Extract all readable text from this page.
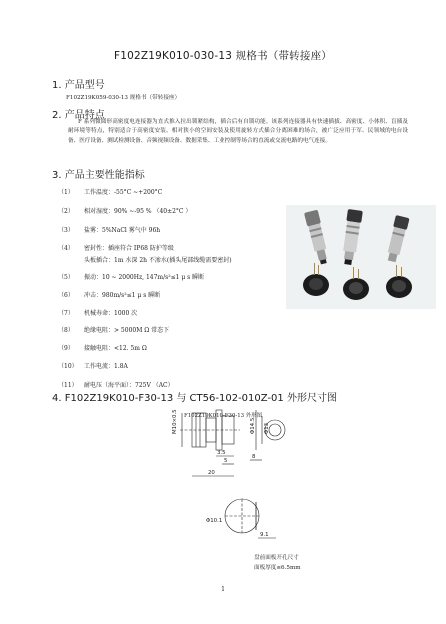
F102Z19K010-030-13 规格书（带转接座）
1. 产品型号
F102Z19K059-030-13 规格书（带转接座）
2. 产品特点
F 系列微圆形高密度电连接器为直式推入拉出锁紧结构，插合后有自锁功能。该系列连接器具有快速插拔、高密度、小体积、盲插及耐环境等特点，特别适合于高密度安装、相对狭小的空间安装及使用旋转方式插合分离困难的场合，被广泛应用于军、民领域的电台设备、医疗设备、测试检测设备、音频视频设备、数据采集、工业控制等场合的直流或交流电路的电气连接。
3. 产品主要性能指标
（1） 工作温度：-55°C ~+200°C
（2） 相对湿度：90% ~-95 % （40±2°C ）
（3） 盐雾：5%NaCl 雾气中 96h
（4） 密封性：插座符合 IP68 防护等级
头板插合：1m 水深 2h 不渗水(插头尾部线缆需要密封)
（5） 振动：10 ~ 2000Hz, 147m/s²≤1 μ s 瞬断
（6） 冲击：980m/s²≤1 μ s 瞬断
（7） 机械寿命：1000 次
（8） 绝缘电阻：> 5000M Ω 常态下
（9） 接触电阻：<12. 5m Ω
（10） 工作电流：1.8A
（11） 耐电压（海平面）：725V （AC）
4. F102Z19K010-F30-13 与 CT56-102-010Z-01 外形尺寸图
F102Z19K010-F30-13 外形图
M10×0.5	Φ14.5 Φ13
3.5
5
20
8
Φ10.1
9.1
盘前面板开孔尺寸
面板厚度≤6.5mm
1
